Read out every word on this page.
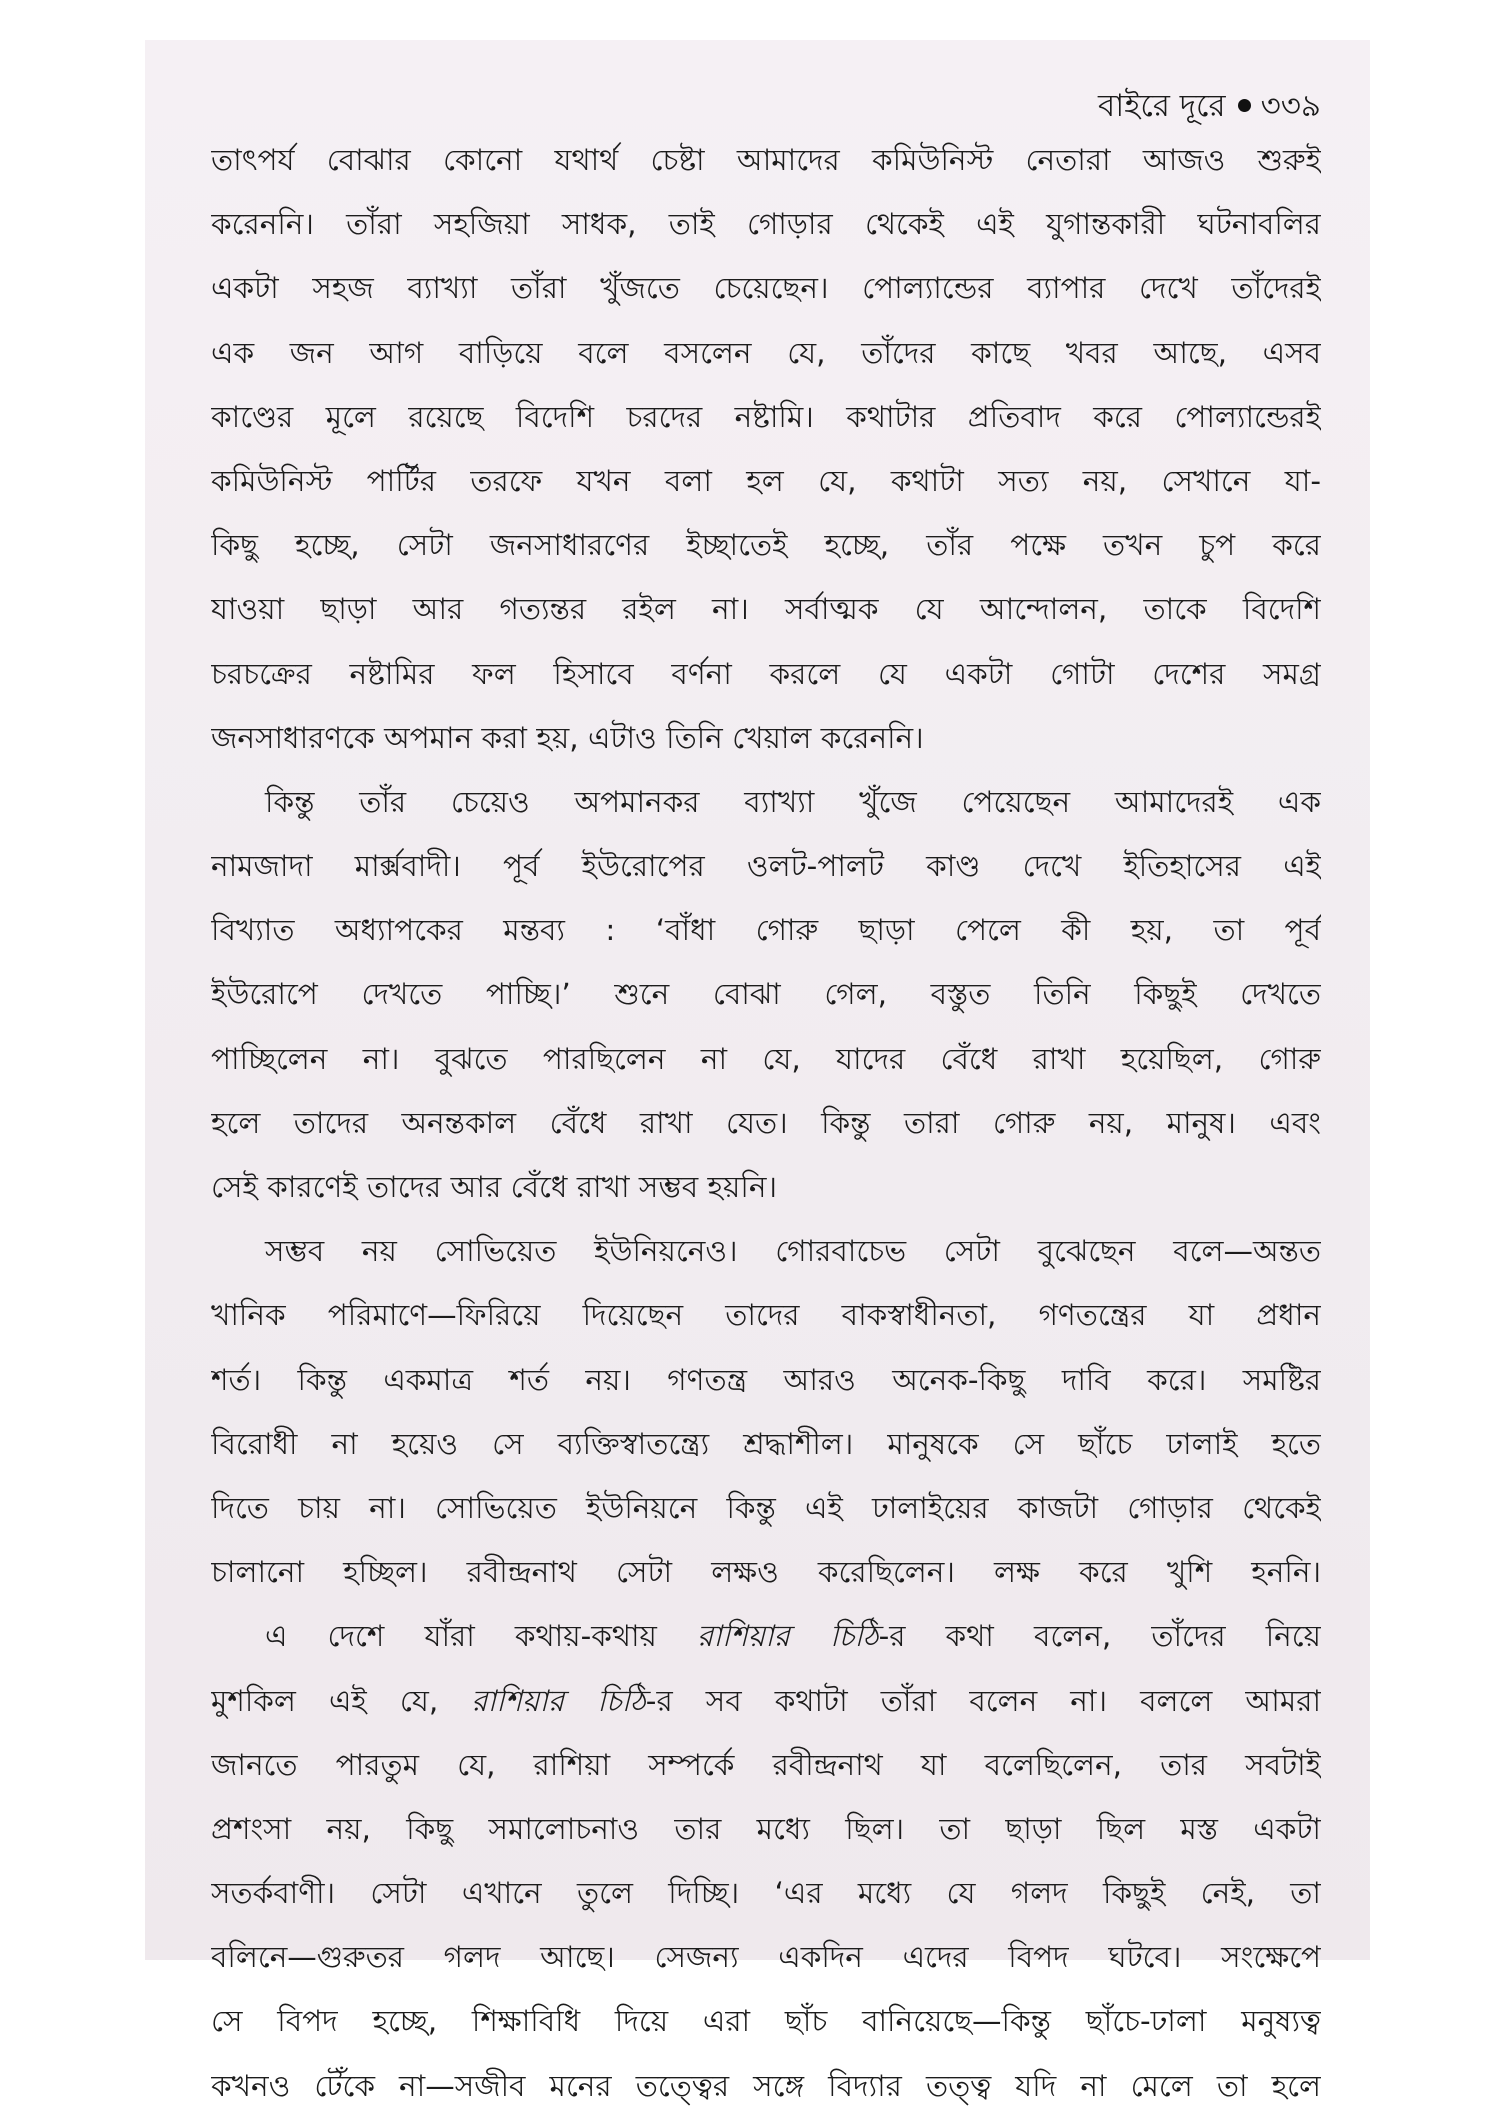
বাইরে দূরে ৩৩৯
তাৎপর্য বোঝার কোনো যথার্থ চেষ্টা আমাদের কমিউনিস্ট নেতারা আজও শুরুই
করেননি। তাঁরা সহজিয়া সাধক, তাই গোড়ার থেকেই এই যুগান্তকারী ঘটনাবলির
একটা সহজ ব্যাখ্যা তাঁরা খুঁজতে চেয়েছেন। পোল্যান্ডের ব্যাপার দেখে তাঁদেরই
এক জন আগ বাড়িয়ে বলে বসলেন যে, তাঁদের কাছে খবর আছে, এসব
কাণ্ডের মূলে রয়েছে বিদেশি চরদের নষ্টামি। কথাটার প্রতিবাদ করে পোল্যান্ডেরই
কমিউনিস্ট পার্টির তরফে যখন বলা হল যে, কথাটা সত্য নয়, সেখানে যা-
কিছু হচ্ছে, সেটা জনসাধারণের ইচ্ছাতেই হচ্ছে, তাঁর পক্ষে তখন চুপ করে
যাওয়া ছাড়া আর গত্যন্তর রইল না। সর্বাত্মক যে আন্দোলন, তাকে বিদেশি
চরচক্রের নষ্টামির ফল হিসাবে বর্ণনা করলে যে একটা গোটা দেশের সমগ্র
জনসাধারণকে অপমান করা হয়, এটাও তিনি খেয়াল করেননি।
কিন্তু তাঁর চেয়েও অপমানকর ব্যাখ্যা খুঁজে পেয়েছেন আমাদেরই এক
নামজাদা মার্ক্সবাদী। পূর্ব ইউরোপের ওলট-পালট কাণ্ড দেখে ইতিহাসের এই
বিখ্যাত অধ্যাপকের মন্তব্য : ‘বাঁধা গোরু ছাড়া পেলে কী হয়, তা পূর্ব
ইউরোপে দেখতে পাচ্ছি।’ শুনে বোঝা গেল, বস্তুত তিনি কিছুই দেখতে
পাচ্ছিলেন না। বুঝতে পারছিলেন না যে, যাদের বেঁধে রাখা হয়েছিল, গোরু
হলে তাদের অনন্তকাল বেঁধে রাখা যেত। কিন্তু তারা গোরু নয়, মানুষ। এবং
সেই কারণেই তাদের আর বেঁধে রাখা সম্ভব হয়নি।
সম্ভব নয় সোভিয়েত ইউনিয়নেও। গোরবাচেভ সেটা বুঝেছেন বলে—অন্তত
খানিক পরিমাণে—ফিরিয়ে দিয়েছেন তাদের বাকস্বাধীনতা, গণতন্ত্রের যা প্রধান
শর্ত। কিন্তু একমাত্র শর্ত নয়। গণতন্ত্র আরও অনেক-কিছু দাবি করে। সমষ্টির
বিরোধী না হয়েও সে ব্যক্তিস্বাতন্ত্র্যে শ্রদ্ধাশীল। মানুষকে সে ছাঁচে ঢালাই হতে
দিতে চায় না। সোভিয়েত ইউনিয়নে কিন্তু এই ঢালাইয়ের কাজটা গোড়ার থেকেই
চালানো হচ্ছিল। রবীন্দ্রনাথ সেটা লক্ষও করেছিলেন। লক্ষ করে খুশি হননি।
এ দেশে যাঁরা কথায়-কথায় রাশিয়ার চিঠি-র কথা বলেন, তাঁদের নিয়ে
মুশকিল এই যে, রাশিয়ার চিঠি-র সব কথাটা তাঁরা বলেন না। বললে আমরা
জানতে পারতুম যে, রাশিয়া সম্পর্কে রবীন্দ্রনাথ যা বলেছিলেন, তার সবটাই
প্রশংসা নয়, কিছু সমালোচনাও তার মধ্যে ছিল। তা ছাড়া ছিল মস্ত একটা
সতর্কবাণী। সেটা এখানে তুলে দিচ্ছি। ‘এর মধ্যে যে গলদ কিছুই নেই, তা
বলিনে—গুরুতর গলদ আছে। সেজন্য একদিন এদের বিপদ ঘটবে। সংক্ষেপে
সে বিপদ হচ্ছে, শিক্ষাবিধি দিয়ে এরা ছাঁচ বানিয়েছে—কিন্তু ছাঁচে-ঢালা মনুষ্যত্ব
কখনও টেঁকে না—সজীব মনের তত্ত্বের সঙ্গে বিদ্যার তত্ত্ব যদি না মেলে তা হলে
